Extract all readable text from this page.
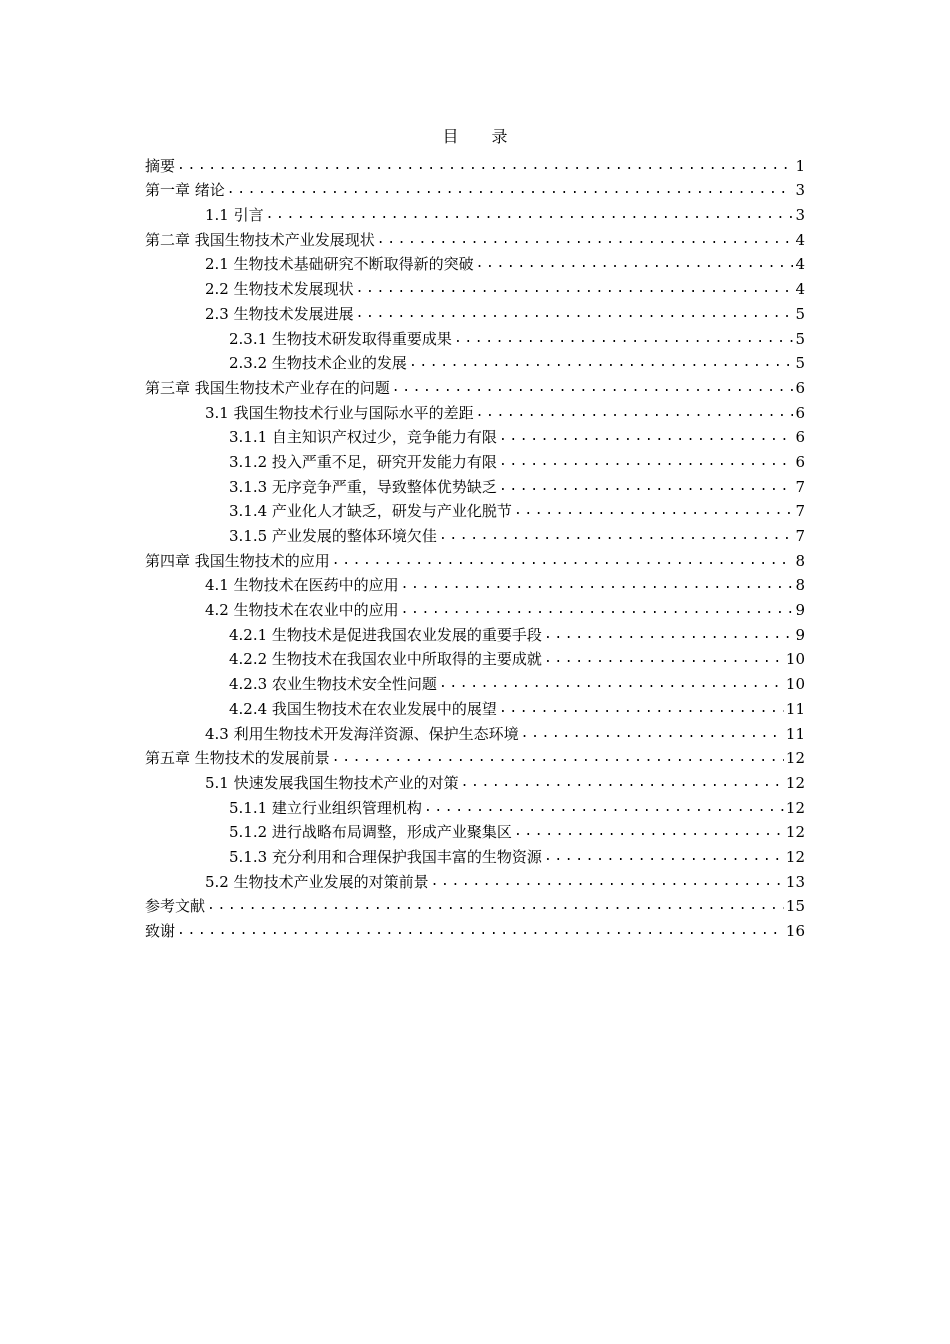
目 录
摘要 .....	1
第一章 绪论 .....	3
1.1 引言 .....	3
第二章 我国生物技术产业发展现状 .....	4
2.1 生物技术基础研究不断取得新的突破 .....	4
2.2 生物技术发展现状 .....	4
2.3 生物技术发展进展 .....	5
2.3.1 生物技术研发取得重要成果 .....	5
2.3.2 生物技术企业的发展 .....	5
第三章 我国生物技术产业存在的问题 .....	6
3.1 我国生物技术行业与国际水平的差距 .....	6
3.1.1 自主知识产权过少，竞争能力有限 .....	6
3.1.2 投入严重不足，研究开发能力有限 .....	6
3.1.3 无序竞争严重，导致整体优势缺乏 .....	7
3.1.4 产业化人才缺乏，研发与产业化脱节 .....	7
3.1.5 产业发展的整体环境欠佳 .....	7
第四章 我国生物技术的应用 .....	8
4.1 生物技术在医药中的应用 .....	8
4.2 生物技术在农业中的应用 .....	9
4.2.1 生物技术是促进我国农业发展的重要手段 .....	9
4.2.2 生物技术在我国农业中所取得的主要成就 .....	10
4.2.3 农业生物技术安全性问题 .....	10
4.2.4 我国生物技术在农业发展中的展望 .....	11
4.3 利用生物技术开发海洋资源、保护生态环境 .....	11
第五章 生物技术的发展前景 .....	12
5.1 快速发展我国生物技术产业的对策 .....	12
5.1.1 建立行业组织管理机构 .....	12
5.1.2 进行战略布局调整，形成产业聚集区 .....	12
5.1.3 充分利用和合理保护我国丰富的生物资源 .....	12
5.2 生物技术产业发展的对策前景 .....	13
参考文献 .....	15
致谢 .....	16
